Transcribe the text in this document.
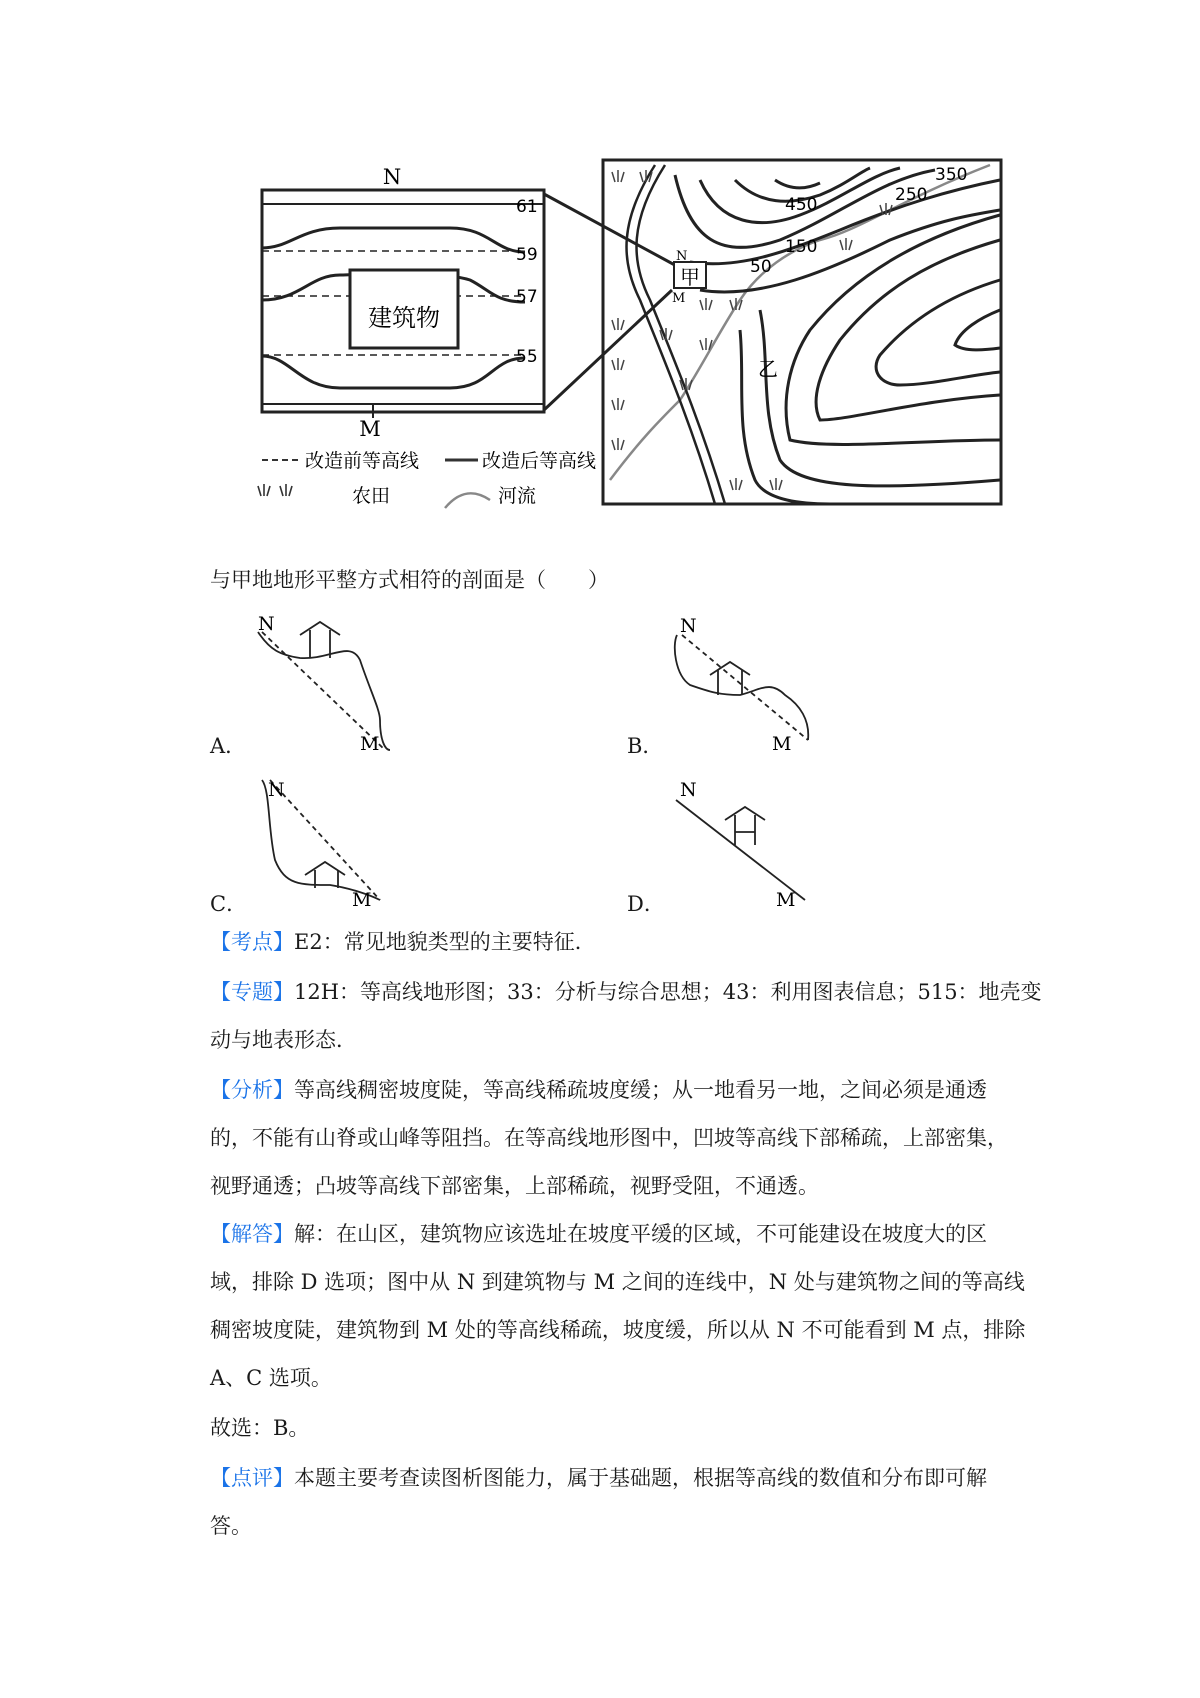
N
M
建筑物
61
59
57
55
350
250
450
150
50
甲
乙
N
M
改造前等高线	改造后等高线
农田	河流
与甲地地形平整方式相符的剖面是（　　）
N
M
N
M
N
M
N
M
A．	B．
C．	D．
【考点】E2：常见地貌类型的主要特征．
【专题】12H：等高线地形图；33：分析与综合思想；43：利用图表信息；515：地壳变
动与地表形态．
【分析】等高线稠密坡度陡，等高线稀疏坡度缓；从一地看另一地，之间必须是通透
的，不能有山脊或山峰等阻挡。在等高线地形图中，凹坡等高线下部稀疏，上部密集，
视野通透；凸坡等高线下部密集，上部稀疏，视野受阻，不通透。
【解答】解：在山区，建筑物应该选址在坡度平缓的区域，不可能建设在坡度大的区
域，排除 D 选项；图中从 N 到建筑物与 M 之间的连线中，N 处与建筑物之间的等高线
稠密坡度陡，建筑物到 M 处的等高线稀疏，坡度缓，所以从 N 不可能看到 M 点，排除
A、C 选项。
故选：B。
【点评】本题主要考查读图析图能力，属于基础题，根据等高线的数值和分布即可解
答。
